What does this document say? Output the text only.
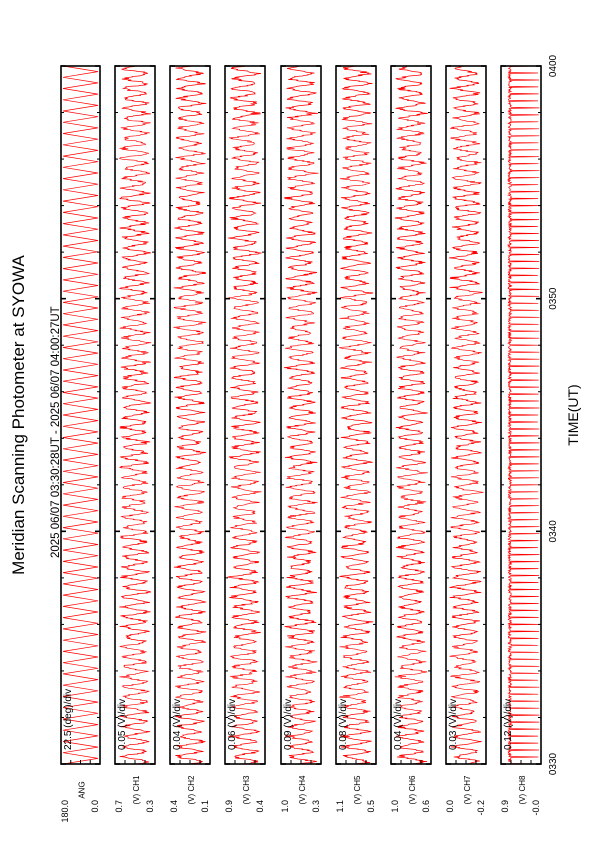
Meridian Scanning Photometer at SYOWA 2025 06/07 03:30:28UT - 2025 06/07 04:00:27UT	TIME(UT)
22.5 (deg)/div
180.0 0.0
ANG
0.05 (V)/div
0.7 0.3
(V) CH1
0.04 (V)/div
0.4 0.1
(V) CH2
0.06 (V)/div
0.9 0.4
(V) CH3
0.09 (V)/div
1.0 0.3
(V) CH4
0.08 (V)/div
1.1 0.5
(V) CH5
0.04 (V)/div
1.0 0.6
(V) CH6
0.03 (V)/div
0.0 -0.2
(V) CH7
0.12 (V)/div
0.9 -0.0
(V) CH8
0330
0340
0350
0400
